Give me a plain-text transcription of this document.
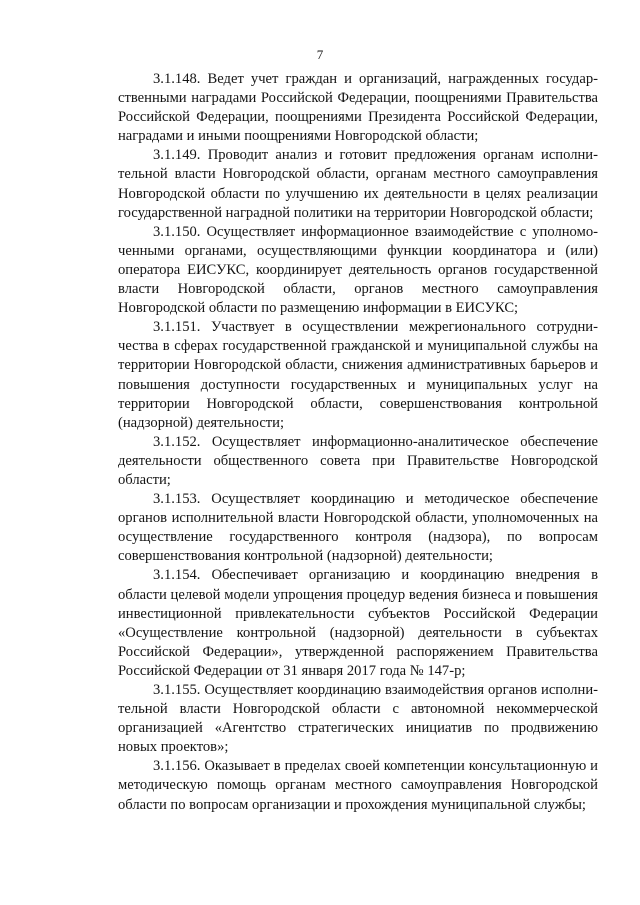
7

3.1.148. Ведет учет граждан и организаций, награжденных государственными наградами Российской Федерации, поощрениями Правительства Российской Федерации, поощрениями Президента Российской Федерации, наградами и иными поощрениями Новгородской области;

3.1.149. Проводит анализ и готовит предложения органам исполнительной власти Новгородской области, органам местного самоуправления Новгородской области по улучшению их деятельности в целях реализации государственной наградной политики на территории Новгородской области;

3.1.150. Осуществляет информационное взаимодействие с уполномоченными органами, осуществляющими функции координатора и (или) оператора ЕИСУКС, координирует деятельность органов государственной власти Новгородской области, органов местного самоуправления Новгородской области по размещению информации в ЕИСУКС;

3.1.151. Участвует в осуществлении межрегионального сотрудничества в сферах государственной гражданской и муниципальной службы на территории Новгородской области, снижения административных барьеров и повышения доступности государственных и муниципальных услуг на территории Новгородской области, совершенствования контрольной (надзорной) деятельности;

3.1.152. Осуществляет информационно-аналитическое обеспечение деятельности общественного совета при Правительстве Новгородской области;

3.1.153. Осуществляет координацию и методическое обеспечение органов исполнительной власти Новгородской области, уполномоченных на осуществление государственного контроля (надзора), по вопросам совершенствования контрольной (надзорной) деятельности;

3.1.154. Обеспечивает организацию и координацию внедрения в области целевой модели упрощения процедур ведения бизнеса и повышения инвестиционной привлекательности субъектов Российской Федерации «Осуществление контрольной (надзорной) деятельности в субъектах Российской Федерации», утвержденной распоряжением Правительства Российской Федерации от 31 января 2017 года № 147-р;

3.1.155. Осуществляет координацию взаимодействия органов исполнительной власти Новгородской области с автономной некоммерческой организацией «Агентство стратегических инициатив по продвижению новых проектов»;

3.1.156. Оказывает в пределах своей компетенции консультационную и методическую помощь органам местного самоуправления Новгородской области по вопросам организации и прохождения муниципальной службы;
